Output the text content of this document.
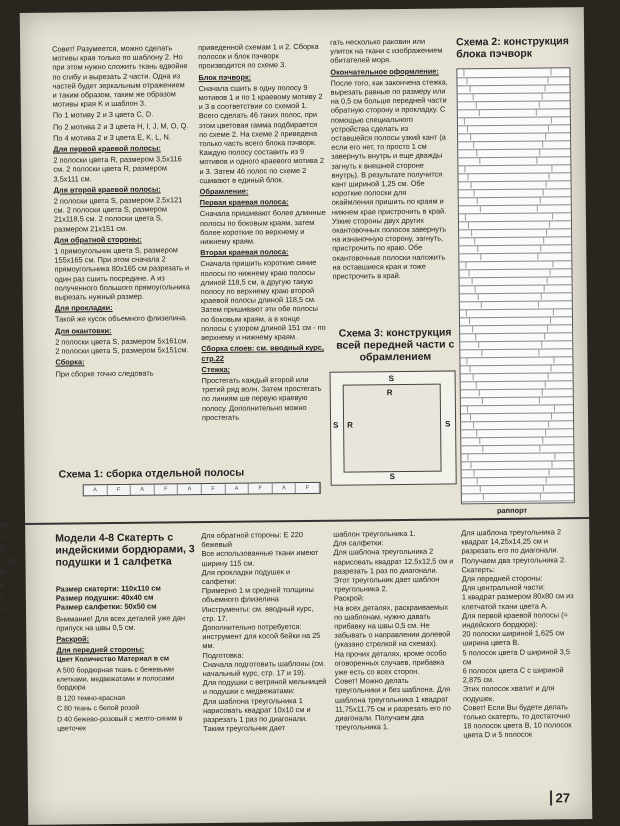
Совет! Разумеется, можно сделать мотивы края только по шаблону 2. Но при этом нужно сложить ткань вдвойне по сгибу и вырезать 2 части. Одна из частей будет зеркальным отражением и таким образом, таким же образом мотивы края K и шаблон 3.

По 1 мотиву 2 и 3 цвета C, D.

По 2 мотива 2 и 3 цвета H, I, J, M, O, Q.

По 4 мотива 2 и 3 цвета E, K, L, N.

Для первой краевой полосы:

2 полоски цвета R, размером 3,5х116 см. 2 полоски цвета R, размером 3,5х111 см.

Для второй краевой полосы:

2 полоски цвета S, размером 2,5х121 см. 2 полоски цвета S, размером 21х118,5 см. 2 полоски цвета S, размером 21х151 см.

Для обратной стороны:

1 прямоугольник цвета S, размером 155х165 см. При этом сначала 2 прямоугольника 80х165 см разрезать и один раз сшить посредине. А из полученного большого прямоугольника вырезать нужный размер.

Для прокладки:

Такой же кусок объемного флизелина.

Для окантовки:

2 полоски цвета S, размером 5х161см. 2 полоски цвета S, размером 5х151см.

Сборка:

При сборке точно следовать

приведенной схемам 1 и 2. Сборка полосок и блок пэчворк производится по схеме 3.

Блок пэчворк:

Сначала сшить в одну полосу 9 мотивов 1 и по 1 краевому мотиву 2 и 3 в соответствии со схемой 1. Всего сделать 46 таких полос, при этом цветовая гамма подбирается по схеме 2. На схеме 2 приведена только часть всего блока пэчворк. Каждую полосу составить из 9 мотивов и одного краевого мотива 2 и 3. Затем 46 полос по схеме 2 сшивают в единый блок.

Обрамление:

Первая краевая полоса:

Сначала пришивают более длинные полосы по боковым краям, затем более короткие по верхнему и нижнему краям.

Вторая краевая полоса:

Сначала пришить короткие синие полосы по нижнему краю полосы длиной 118,5 см, а другую такую полосу по верхнему краю второй краевой полосы длиной 118,5 см. Затем пришивают эти обе полосы по боковым краям, а в конце полосы с узором длиной 151 см - по верхнему и нижнему краям.

Сборка слоев: см. вводный курс, стр.22

Стежка:

Простегать каждый второй или третий ряд волн. Затем простегать по линиям шв первую краевую полосу. Дополнительно можно простегать

гать несколько раковин или улиток на ткани с изображением обитателей моря.

Окончательное оформление:

После того, как закончена стежка, вырезать равные по размеру или на 0,5 см больше передней части обратную сторону и прокладку. С помощью специального устройства сделать из оставшейся полосы узкий кант (а если его нет, то просто 1 см завернуть внутрь и еще дважды загнуть к внешней стороне внутрь). В результате получится кант шириной 1,25 см. Обе короткие полоски для окаймления пришить по краям и нижнем крае пристрочить в край. Узкие стороны двух других окантовочных полосок завернуть на изнаночную сторону, загнуть, пристрочить по краю. Обе окантовочные полоски наложить на оставшиеся края и тоже пристрочить в край.

Схема 2: конструкция блока пэчворк
раппорт
Схема 3: конструкция всей передней части с обрамлением
S
S	S
S
R
R
Схема 1: сборка отдельной полосы
A	F	A	F	A	F	A	F	A	F
Модели 4-8 Скатерть с индейскими бордюрами, 3 подушки и 1 салфетка

Размер скатерти: 110х110 см
Размер подушки: 40х40 см
Размер салфетки: 50х50 см

Внимание! Для всех деталей уже дан припуск на швы 0,5 см.

Раскрой:

Для передней стороны:

Цвет Количество Материал в см

A 500 бордюрная ткань с бежевыми клетками, медвежатами и полосами бордюра

B 120 темно-красная

C 80 ткань с белой розой

D 40 бежево-розовый с желто-синим в цветочек

Для обратной стороны: E 220 бежевый
Все использованные ткани имеют ширину 115 см.
Для прокладки подушек и салфетки:
Примерно 1 м средней толщины объемного флизелина
Инструменты: см. вводный курс, стр. 17.
Дополнительно потребуется: инструмент для косой бейки на 25 мм.
Подготовка:
Сначала подготовить шаблоны (см. начальный курс, стр. 17 и 19).
Для подушки с ветряной мельницей и подушки с медвежатами:
Для шаблона треугольника 1 нарисовать квадрат 10х10 см и разрезать 1 раз по диагонали. Таким треугольник дает
шаблон треугольника 1.
Для салфетки:
Для шаблона треугольника 2 нарисовать квадрат 12,5х12,5 см и разрезать 1 раз по диагонали. Этот треугольник дает шаблон треугольника 2.
Раскрой:
На всех деталях, раскраиваемых по шаблонам, нужно давать прибавку на швы 0,5 см. Не забывать о направлении долевой (указано стрелкой на схемах).
На прочих деталях, кроме особо оговоренных случаев, прибавка уже есть со всех сторон.
Совет! Можно делать треугольники и без шаблона. Для шаблона треугольника 1 квадрат 11,75х11,75 см и разрезать его по диагонали. Получаем два треугольника 1.
Для шаблона треугольника 2 квадрат 14,25х14,25 см и разрезать его по диагонали. Получаем два треугольника 2.
Скатерть:
Для передней стороны:
Для центральной части:
1 квадрат размером 80х80 см из клетчатой ткани цвета A.
Для первой краевой полосы (= индейского бордюра):
20 полоски шириной 1,625 см ширина цвета B.
5 полосок цвета D шириной 3,5 см
6 полосок цвета C с шириной 2,875 см.
Этих полосок хватит и для подушек.
Совет! Если Вы будете делать только скатерть, то достаточно 18 полосок цвета B, 10 полосок цвета D и 5 полосок
27
см
K, L,
D.
J, M,
H, I,
н
ь
D
